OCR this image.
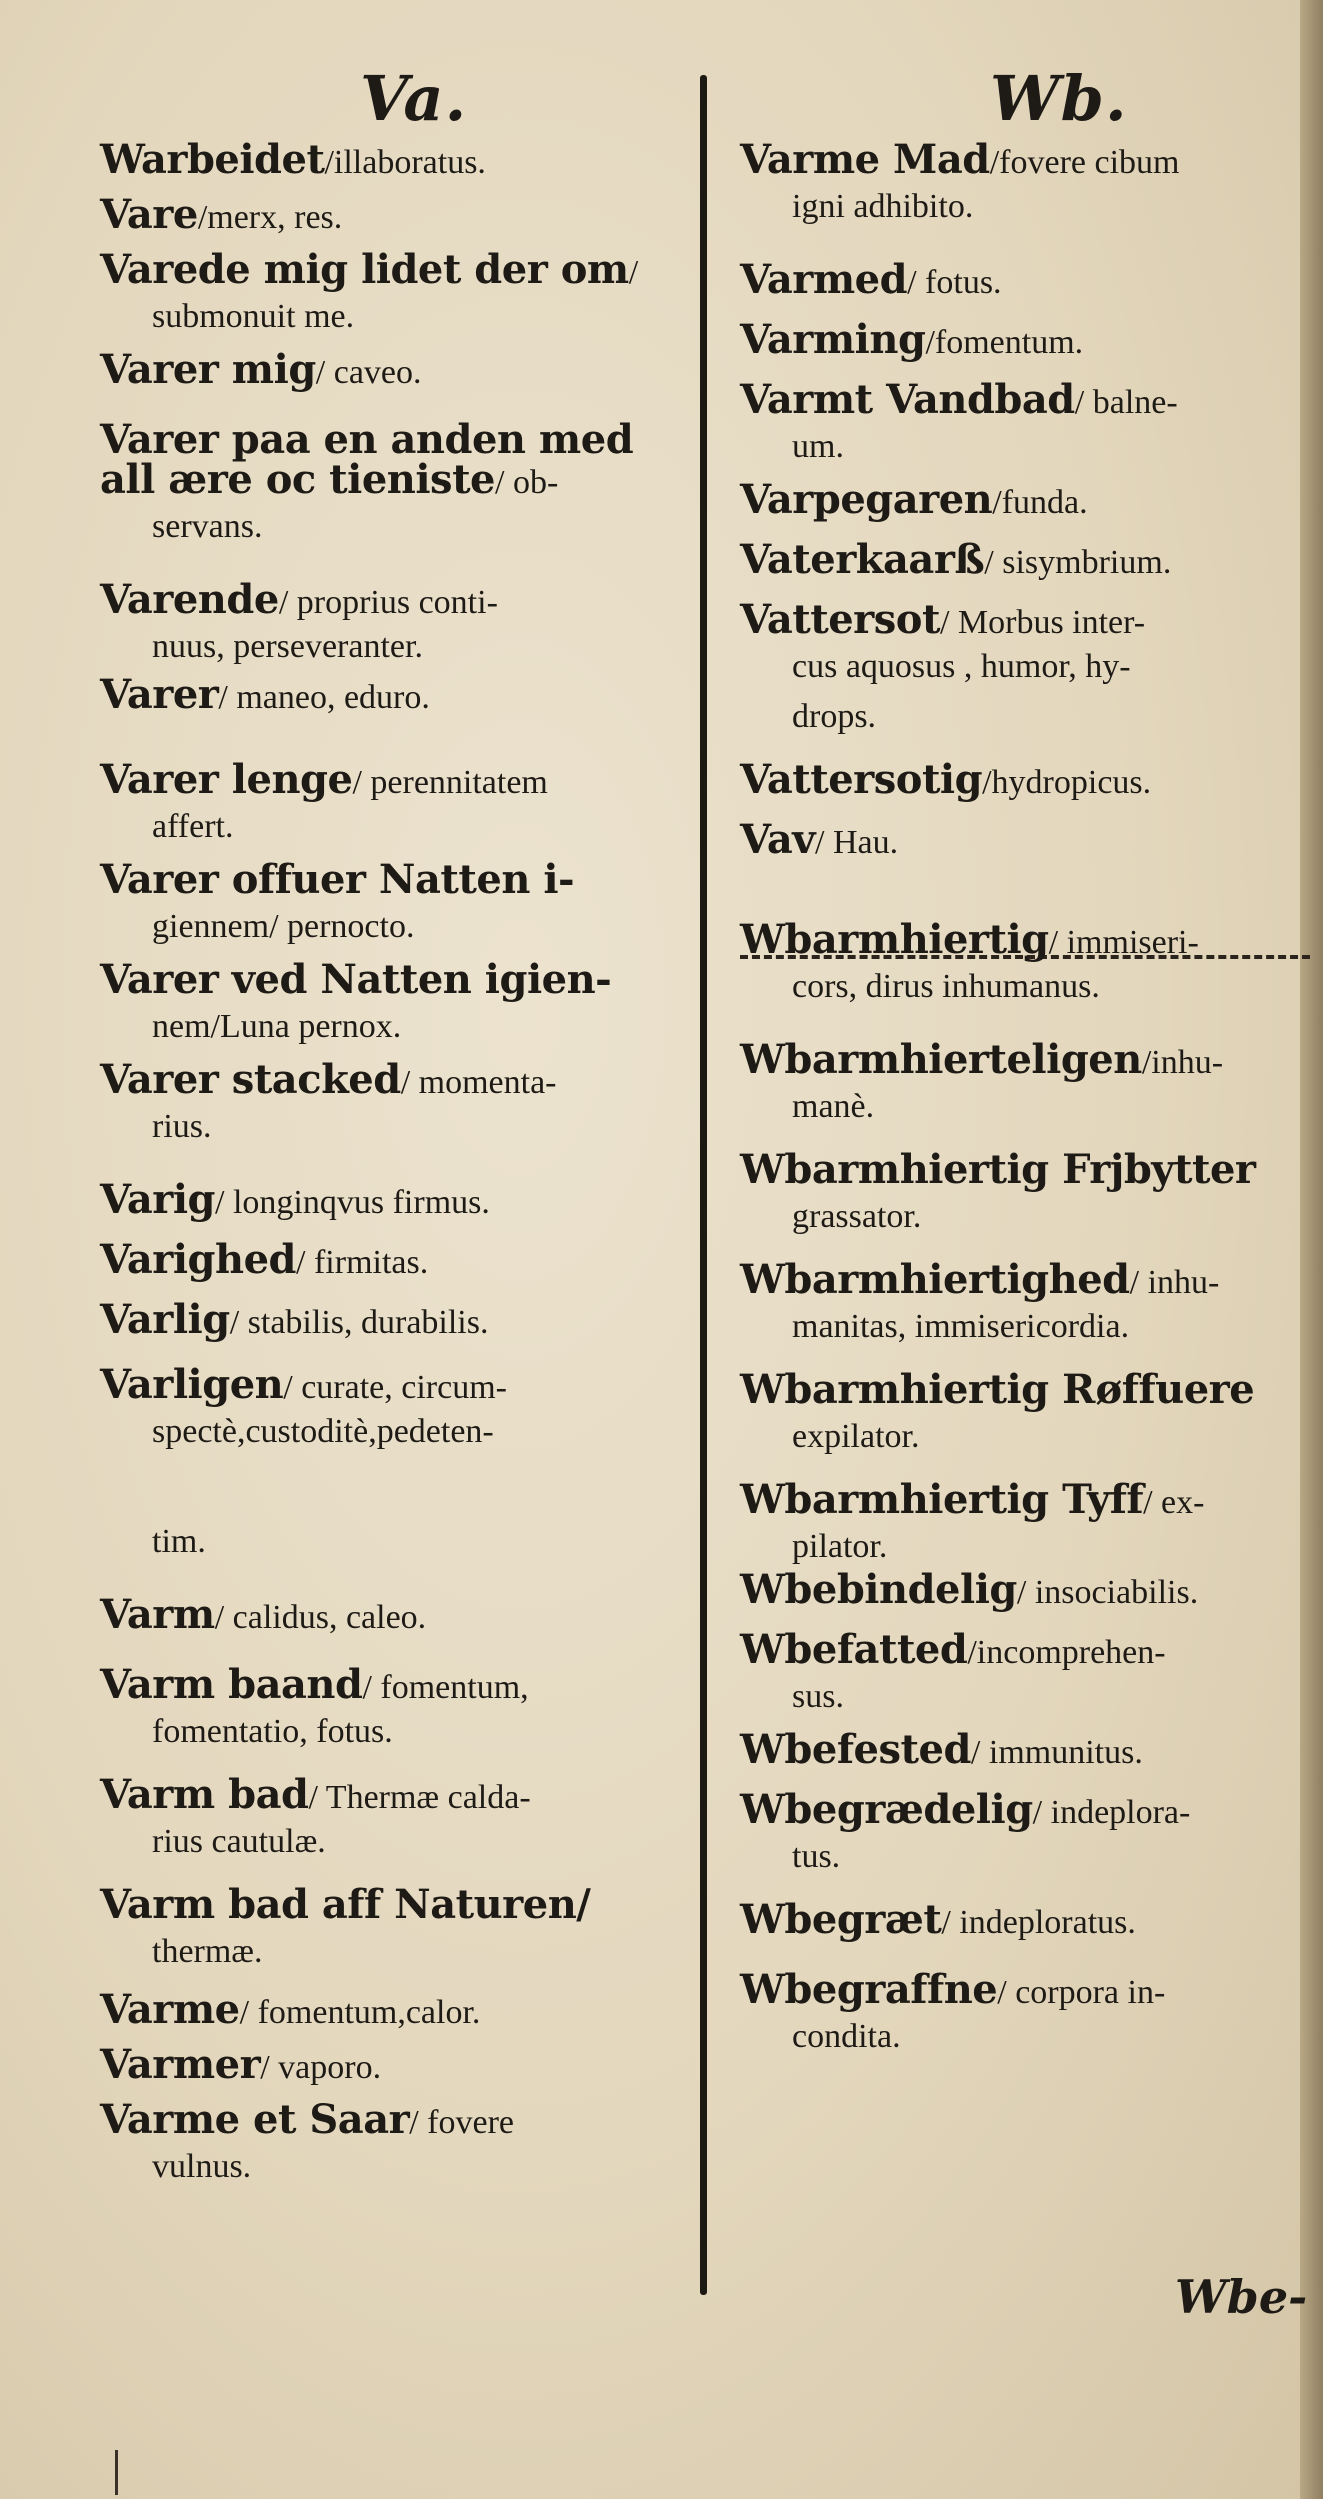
Va.	Wb.
Warbeidet/illaboratus.
Vare/merx, res.
Varede mig lidet der om/
submonuit me.
Varer mig/ caveo.
Varer paa en anden med all ære oc tieniste/ ob-
servans.
Varende/ proprius conti-
nuus, perseveranter.
Varer/ maneo, eduro.
Varer lenge/ perennitatem
affert.
Varer offuer Natten i-
giennem/ pernocto.
Varer ved Natten igien-
nem/Luna pernox.
Varer stacked/ momenta-
rius.
Varig/ longinqvus firmus.
Varighed/ firmitas.
Varlig/ stabilis, durabilis.
Varligen/ curate, circum-
spectè,custoditè,pedeten-
tim.
Varm/ calidus, caleo.
Varm baand/ fomentum,
fomentatio, fotus.
Varm bad/ Thermæ calda-
rius cautulæ.
Varm bad aff Naturen/
thermæ.
Varme/ fomentum,calor.
Varmer/ vaporo.
Varme et Saar/ fovere
vulnus.
Varme Mad/fovere cibum
igni adhibito.
Varmed/ fotus.
Varming/fomentum.
Varmt Vandbad/ balne-
um.
Varpegaren/funda.
Vaterkaarß/ sisymbrium.
Vattersot/ Morbus inter-
cus aquosus , humor, hy-
drops.
Vattersotig/hydropicus.
Vav/ Hau.
Wbarmhiertig/ immiseri-
cors, dirus inhumanus.
Wbarmhierteligen/inhu-
manè.
Wbarmhiertig Frjbytter
grassator.
Wbarmhiertighed/ inhu-
manitas, immisericordia.
Wbarmhiertig Røffuere
expilator.
Wbarmhiertig Tyff/ ex-
pilator.
Wbebindelig/ insociabilis.
Wbefatted/incomprehen-
sus.
Wbefested/ immunitus.
Wbegrædelig/ indeplora-
tus.
Wbegræt/ indeploratus.
Wbegraffne/ corpora in-
condita.
Wbe-
